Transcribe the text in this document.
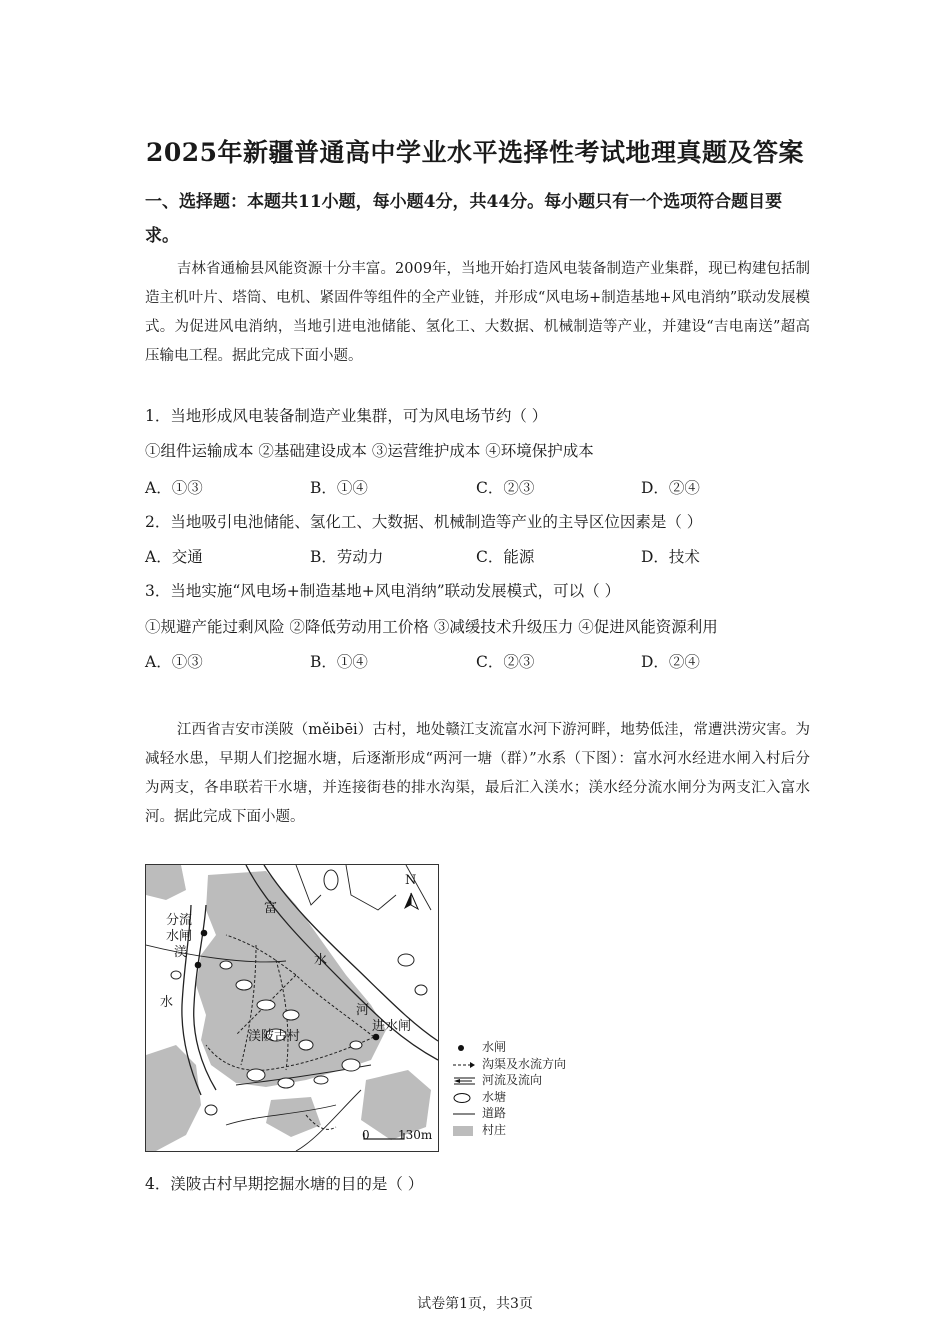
2025年新疆普通高中学业水平选择性考试地理真题及答案
一、选择题：本题共11小题，每小题4分，共44分。每小题只有一个选项符合题目要求。
吉林省通榆县风能资源十分丰富。2009年，当地开始打造风电装备制造产业集群，现已构建包括制造主机叶片、塔筒、电机、紧固件等组件的全产业链，并形成“风电场+制造基地+风电消纳”联动发展模式。为促进风电消纳，当地引进电池储能、氢化工、大数据、机械制造等产业，并建设“吉电南送”超高压输电工程。据此完成下面小题。
1．当地形成风电装备制造产业集群，可为风电场节约（ ）
①组件运输成本 ②基础建设成本 ③运营维护成本 ④环境保护成本
A．①③	B．①④	C．②③	D．②④
2．当地吸引电池储能、氢化工、大数据、机械制造等产业的主导区位因素是（ ）
A．交通	B．劳动力	C．能源	D．技术
3．当地实施“风电场+制造基地+风电消纳”联动发展模式，可以（ ）
①规避产能过剩风险 ②降低劳动用工价格 ③减缓技术升级压力 ④促进风能资源利用
A．①③	B．①④	C．②③	D．②④
江西省吉安市渼陂（měibēi）古村，地处赣江支流富水河下游河畔，地势低洼，常遭洪涝灾害。为减轻水患，早期人们挖掘水塘，后逐渐形成“两河一塘（群）”水系（下图）：富水河水经进水闸入村后分为两支，各串联若干水塘，并连接街巷的排水沟渠，最后汇入渼水；渼水经分流水闸分为两支汇入富水河。据此完成下面小题。
N
分流
水闸
渼
水
富
水
河
进水闸
渼陂古村
0 130m
水闸
沟渠及水流方向
河流及流向
水塘
道路
村庄
4．渼陂古村早期挖掘水塘的目的是（ ）
试卷第1页，共3页
